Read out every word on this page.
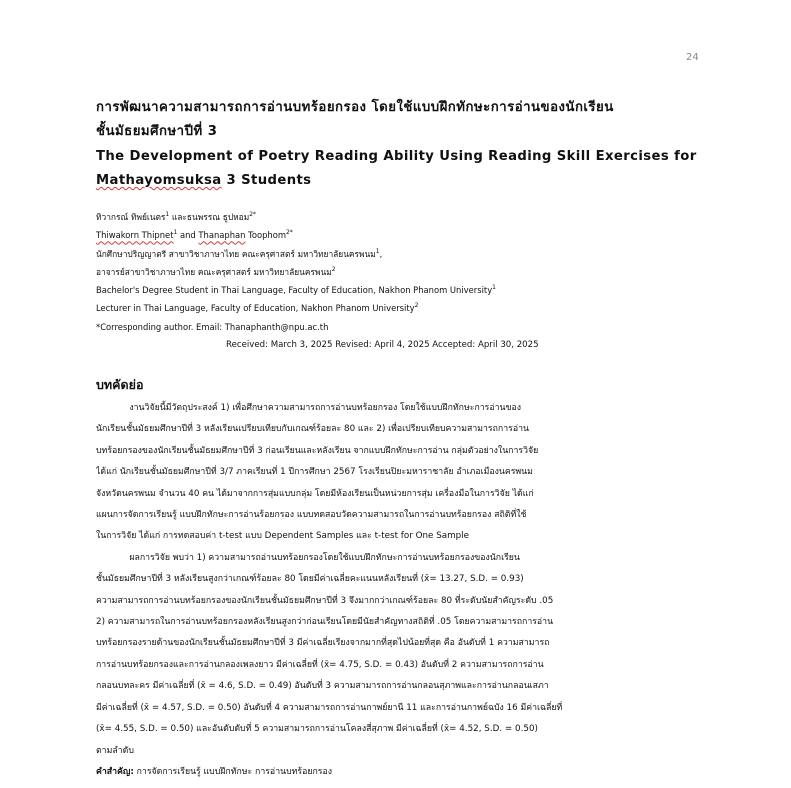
24
การพัฒนาความสามารถการอ่านบทร้อยกรอง โดยใช้แบบฝึกทักษะการอ่านของนักเรียน
ชั้นมัธยมศึกษาปีที่ 3
The Development of Poetry Reading Ability Using Reading Skill Exercises for
Mathayomsuksa 3 Students
ทิวากรณ์ ทิพย์เนตร$^1$ และธนพรรณ ธูปหอม$^{2*}$
Thiwakorn Thipnet$^1$ and Thanaphan Toophom$^{2*}$
นักศึกษาปริญญาตรี สาขาวิชาภาษาไทย คณะครุศาสตร์ มหาวิทยาลัยนครพนม$^1$,
อาจารย์สาขาวิชาภาษาไทย คณะครุศาสตร์ มหาวิทยาลัยนครพนม$^2$
Bachelor's Degree Student in Thai Language, Faculty of Education, Nakhon Phanom University$^1$
Lecturer in Thai Language, Faculty of Education, Nakhon Phanom University$^2$
*Corresponding author. Email: Thanaphanth@npu.ac.th
Received: March 3, 2025 Revised: April 4, 2025 Accepted: April 30, 2025
บทคัดย่อ
งานวิจัยนี้มีวัตถุประสงค์ 1) เพื่อศึกษาความสามารถการอ่านบทร้อยกรอง โดยใช้แบบฝึกทักษะการอ่านของ
นักเรียนชั้นมัธยมศึกษาปีที่ 3 หลังเรียนเปรียบเทียบกับเกณฑ์ร้อยละ 80 และ 2) เพื่อเปรียบเทียบความสามารถการอ่าน
บทร้อยกรองของนักเรียนชั้นมัธยมศึกษาปีที่ 3 ก่อนเรียนและหลังเรียน จากแบบฝึกทักษะการอ่าน กลุ่มตัวอย่างในการวิจัย
ได้แก่ นักเรียนชั้นมัธยมศึกษาปีที่ 3/7 ภาคเรียนที่ 1 ปีการศึกษา 2567 โรงเรียนปิยะมหาราชาลัย อำเภอเมืองนครพนม
จังหวัดนครพนม จำนวน 40 คน ได้มาจากการสุ่มแบบกลุ่ม โดยมีห้องเรียนเป็นหน่วยการสุ่ม เครื่องมือในการวิจัย ได้แก่
แผนการจัดการเรียนรู้ แบบฝึกทักษะการอ่านร้อยกรอง แบบทดสอบวัดความสามารถในการอ่านบทร้อยกรอง สถิติที่ใช้
ในการวิจัย ได้แก่ การทดสอบค่า t-test แบบ Dependent Samples และ t-test for One Sample
ผลการวิจัย พบว่า 1) ความสามารถอ่านบทร้อยกรองโดยใช้แบบฝึกทักษะการอ่านบทร้อยกรองของนักเรียน
ชั้นมัธยมศึกษาปีที่ 3 หลังเรียนสูงกว่าเกณฑ์ร้อยละ 80 โดยมีค่าเฉลี่ยคะแนนหลังเรียนที่ (x̄= 13.27, S.D. = 0.93)
ความสามารถการอ่านบทร้อยกรองของนักเรียนชั้นมัธยมศึกษาปีที่ 3 จึงมากกว่าเกณฑ์ร้อยละ 80 ที่ระดับนัยสำคัญระดับ .05
2) ความสามารถในการอ่านบทร้อยกรองหลังเรียนสูงกว่าก่อนเรียนโดยมีนัยสำคัญทางสถิติที่ .05 โดยความสามารถการอ่าน
บทร้อยกรองรายด้านของนักเรียนชั้นมัธยมศึกษาปีที่ 3 มีค่าเฉลี่ยเรียงจากมากที่สุดไปน้อยที่สุด คือ อันดับที่ 1 ความสามารถ
การอ่านบทร้อยกรองและการอ่านกลองเพลงยาว มีค่าเฉลี่ยที่ (x̄= 4.75, S.D. = 0.43) อันดับที่ 2 ความสามารถการอ่าน
กลอนบทละคร มีค่าเฉลี่ยที่ (x̄ = 4.6, S.D. = 0.49) อันดับที่ 3 ความสามารถการอ่านกลอนสุภาพและการอ่านกลอนเสภา
มีค่าเฉลี่ยที่ (x̄ = 4.57, S.D. = 0.50) อันดับที่ 4 ความสามารถการอ่านกาพย์ยานี 11 และการอ่านกาพย์ฉบัง 16 มีค่าเฉลี่ยที่
(x̄= 4.55, S.D. = 0.50) และอันดับดับที่ 5 ความสามารถการอ่านโคลงสี่สุภาพ มีค่าเฉลี่ยที่ (x̄= 4.52, S.D. = 0.50)
ตามลำดับ
คำสำคัญ: การจัดการเรียนรู้ แบบฝึกทักษะ การอ่านบทร้อยกรอง
